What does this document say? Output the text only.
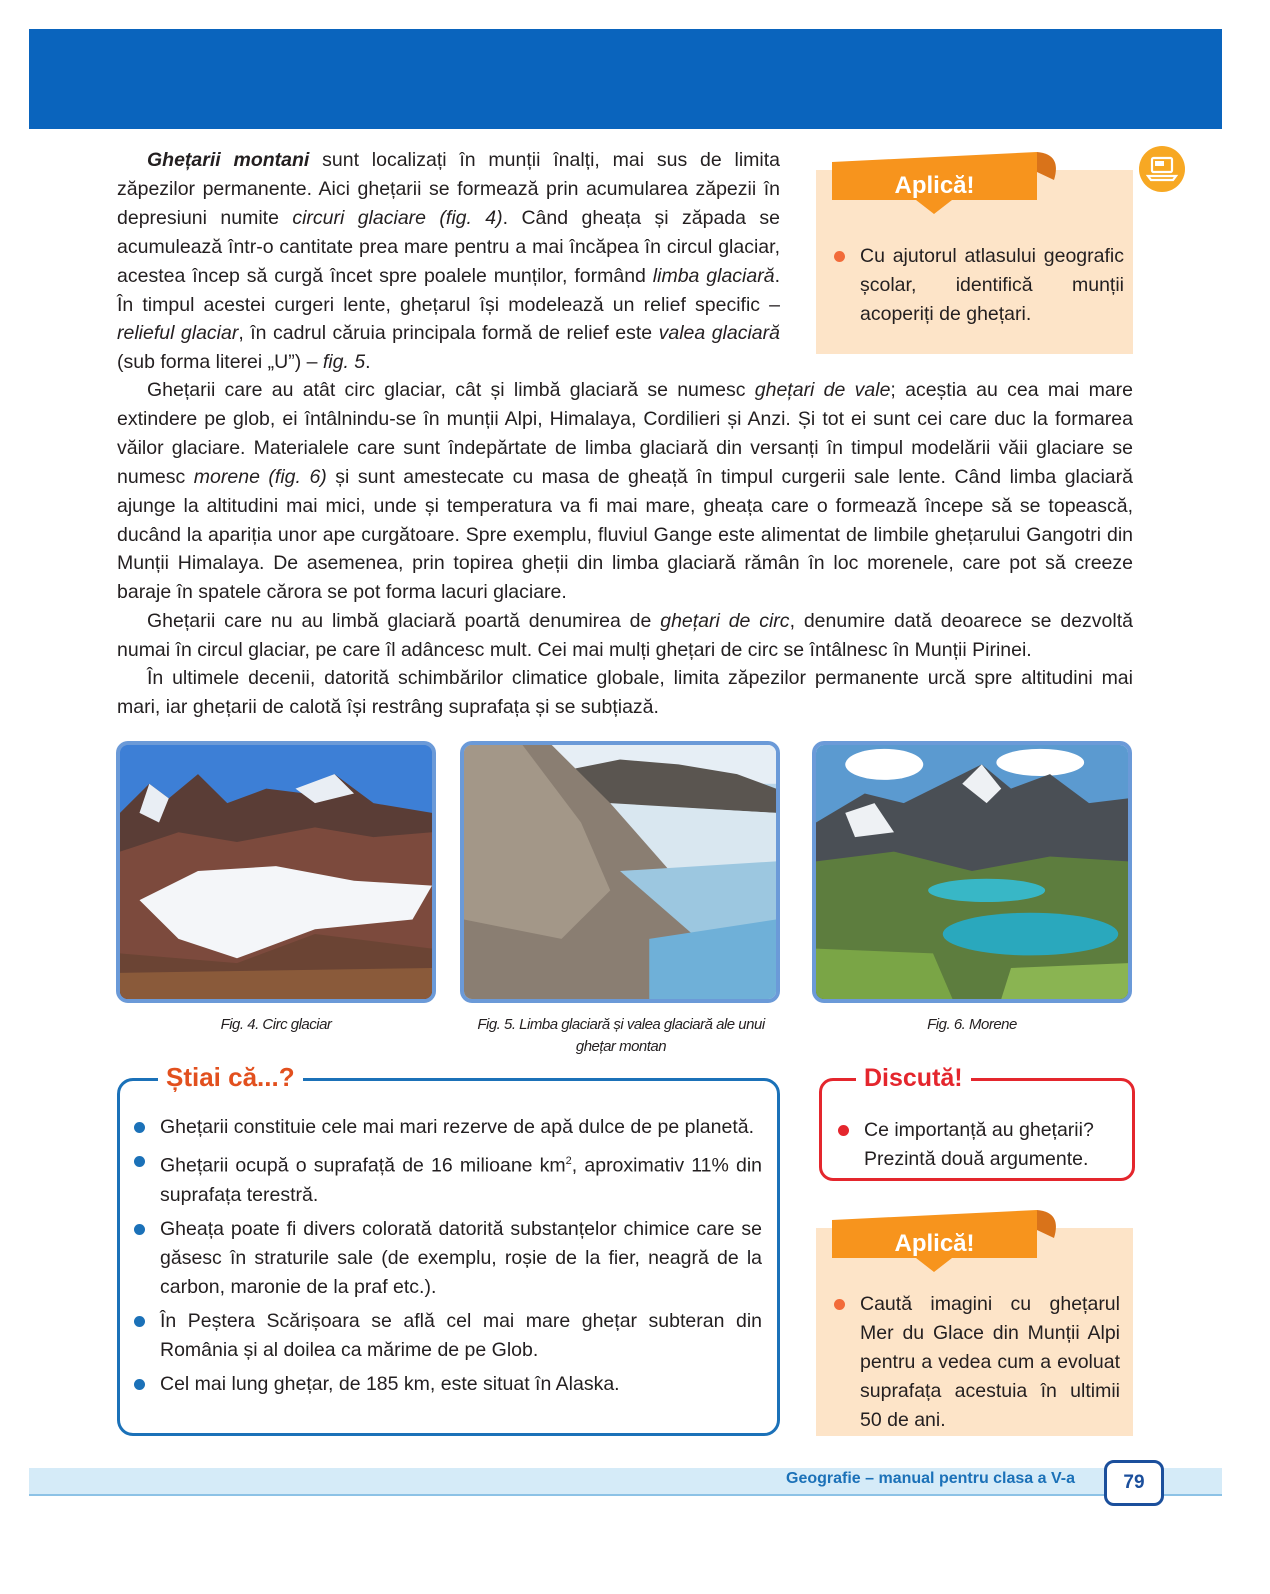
Ghețarii montani sunt localizați în munții înalți, mai sus de limita zăpezilor permanente. Aici ghețarii se formează prin acumularea zăpezii în depresiuni numite circuri glaciare (fig. 4). Când gheața și zăpada se acumulează într-o cantitate prea mare pentru a mai încăpea în circul glaciar, acestea încep să curgă încet spre poalele munților, formând limba glaciară. În timpul acestei curgeri lente, ghețarul își modelează un relief specific – relieful glaciar, în cadrul căruia principala formă de relief este valea glaciară (sub forma literei „U”) – fig. 5.

Aplică!
Cu ajutorul atlasului geografic școlar, identifică munții acoperiți de ghețari.

Ghețarii care au atât circ glaciar, cât și limbă glaciară se numesc ghețari de vale; aceștia au cea mai mare extindere pe glob, ei întâlnindu-se în munții Alpi, Himalaya, Cordilieri și Anzi. Și tot ei sunt cei care duc la formarea văilor glaciare. Materialele care sunt îndepărtate de limba glaciară din versanți în timpul modelării văii glaciare se numesc morene (fig. 6) și sunt amestecate cu masa de gheață în timpul curgerii sale lente. Când limba glaciară ajunge la altitudini mai mici, unde și temperatura va fi mai mare, gheața care o formează începe să se topească, ducând la apariția unor ape curgătoare. Spre exemplu, fluviul Gange este alimentat de limbile ghețarului Gangotri din Munții Himalaya. De asemenea, prin topirea gheții din limba glaciară rămân în loc morenele, care pot să creeze baraje în spatele cărora se pot forma lacuri glaciare.

Ghețarii care nu au limbă glaciară poartă denumirea de ghețari de circ, denumire dată deoarece se dezvoltă numai în circul glaciar, pe care îl adâncesc mult. Cei mai mulți ghețari de circ se întâlnesc în Munții Pirinei.

În ultimele decenii, datorită schimbărilor climatice globale, limita zăpezilor permanente urcă spre altitudini mai mari, iar ghețarii de calotă își restrâng suprafața și se subțiază.

Fig. 4. Circ glaciar	Fig. 5. Limba glaciară și valea glaciară ale unui ghețar montan
Fig. 6. Morene
Știai că...?
Ghețarii constituie cele mai mari rezerve de apă dulce de pe planetă.
Ghețarii ocupă o suprafață de 16 milioane $km^2$, aproximativ 11% din suprafața terestră.
Gheața poate fi divers colorată datorită substanțelor chimice care se găsesc în straturile sale (de exemplu, roșie de la fier, neagră de la carbon, maronie de la praf etc.).
În Peștera Scărișoara se află cel mai mare ghețar subteran din România și al doilea ca mărime de pe Glob.
Cel mai lung ghețar, de 185 km, este situat în Alaska.
Discută!
Ce importanță au ghețarii? Prezintă două argumente.
Aplică!
Caută imagini cu ghețarul Mer du Glace din Munții Alpi pentru a vedea cum a evoluat suprafața acestuia în ultimii 50 de ani.
Geografie – manual pentru clasa a V-a	79
